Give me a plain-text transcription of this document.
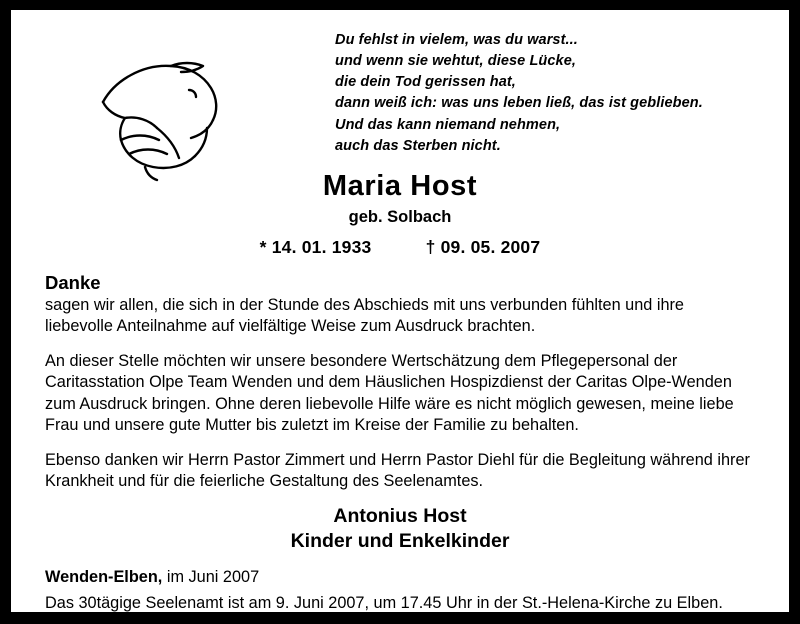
Du fehlst in vielem, was du warst...
und wenn sie wehtut, diese Lücke,
die dein Tod gerissen hat,
dann weiß ich: was uns leben ließ, das ist geblieben.
Und das kann niemand nehmen,
auch das Sterben nicht.
Maria Host
geb. Solbach
* 14. 01. 1933	† 09. 05. 2007
Danke

sagen wir allen, die sich in der Stunde des Abschieds mit uns verbunden fühlten und ihre liebevolle Anteilnahme auf vielfältige Weise zum Ausdruck brachten.

An dieser Stelle möchten wir unsere besondere Wertschätzung dem Pflegepersonal der Caritasstation Olpe Team Wenden und dem Häuslichen Hospizdienst der Caritas Olpe-Wenden zum Ausdruck bringen. Ohne deren liebevolle Hilfe wäre es nicht möglich gewesen, meine liebe Frau und unsere gute Mutter bis zuletzt im Kreise der Familie zu behalten.

Ebenso danken wir Herrn Pastor Zimmert und Herrn Pastor Diehl für die Begleitung während ihrer Krankheit und für die feierliche Gestaltung des Seelenamtes.

Antonius Host
Kinder und Enkelkinder

Wenden-Elben, im Juni 2007

Das 30tägige Seelenamt ist am 9. Juni 2007, um 17.45 Uhr in der St.-Helena-Kirche zu Elben.
